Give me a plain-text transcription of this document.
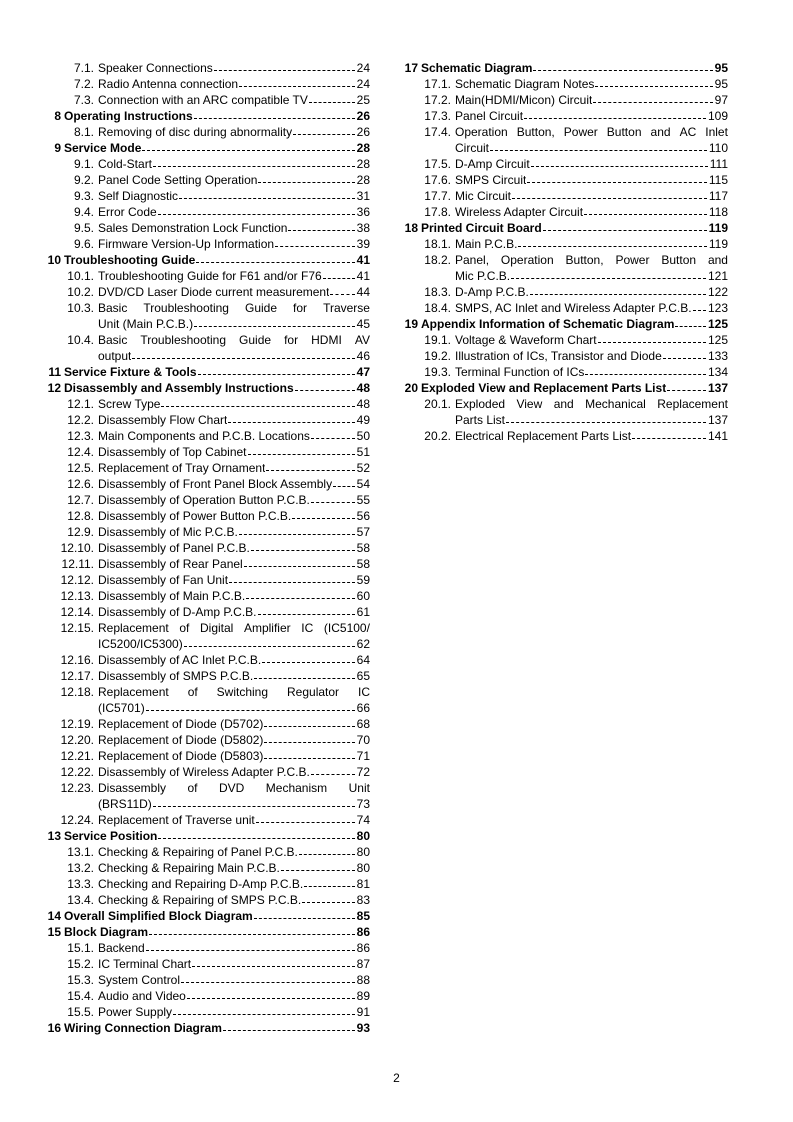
7.1. Speaker Connections	24
7.2. Radio Antenna connection	24
7.3. Connection with an ARC compatible TV	25
8 Operating Instructions	26
8.1. Removing of disc during abnormality	26
9 Service Mode	28
9.1. Cold-Start	28
9.2. Panel Code Setting Operation	28
9.3. Self Diagnostic	31
9.4. Error Code	36
9.5. Sales Demonstration Lock Function	38
9.6. Firmware Version-Up Information	39
10 Troubleshooting Guide	41
10.1. Troubleshooting Guide for F61 and/or F76	41
10.2. DVD/CD Laser Diode current measurement 44
10.3. Basic Troubleshooting Guide for Traverse
Unit (Main P.C.B.)	45
10.4. Basic Troubleshooting Guide for HDMI AV
output	46
11 Service Fixture & Tools	47
12 Disassembly and Assembly Instructions	48
12.1. Screw Type	48
12.2. Disassembly Flow Chart	49
12.3. Main Components and P.C.B. Locations	50
12.4. Disassembly of Top Cabinet	51
12.5. Replacement of Tray Ornament	52
12.6. Disassembly of Front Panel Block Assembly 54
12.7. Disassembly of Operation Button P.C.B.	55
12.8. Disassembly of Power Button P.C.B.	56
12.9. Disassembly of Mic P.C.B.	57
12.10. Disassembly of Panel P.C.B.	58
12.11. Disassembly of Rear Panel	58
12.12. Disassembly of Fan Unit	59
12.13. Disassembly of Main P.C.B.	60
12.14. Disassembly of D-Amp P.C.B.	61
12.15. Replacement of Digital Amplifier IC (IC5100/
IC5200/IC5300)	62
12.16. Disassembly of AC Inlet P.C.B.	64
12.17. Disassembly of SMPS P.C.B.	65
12.18. Replacement of Switching Regulator IC
(IC5701)	66
12.19. Replacement of Diode (D5702)	68
12.20. Replacement of Diode (D5802)	70
12.21. Replacement of Diode (D5803)	71
12.22. Disassembly of Wireless Adapter P.C.B.	72
12.23. Disassembly of DVD Mechanism Unit
(BRS11D)	73
12.24. Replacement of Traverse unit	74
13 Service Position	80
13.1. Checking & Repairing of Panel P.C.B.	80
13.2. Checking & Repairing Main P.C.B.	80
13.3. Checking and Repairing D-Amp P.C.B.	81
13.4. Checking & Repairing of SMPS P.C.B.	83
14 Overall Simplified Block Diagram	85
15 Block Diagram	86
15.1. Backend	86
15.2. IC Terminal Chart	87
15.3. System Control	88
15.4. Audio and Video	89
15.5. Power Supply	91
16 Wiring Connection Diagram	93
17 Schematic Diagram	95
17.1. Schematic Diagram Notes	95
17.2. Main(HDMI/Micon) Circuit	97
17.3. Panel Circuit	109
17.4. Operation Button, Power Button and AC Inlet
Circuit	110
17.5. D-Amp Circuit	111
17.6. SMPS Circuit	115
17.7. Mic Circuit	117
17.8. Wireless Adapter Circuit	118
18 Printed Circuit Board	119
18.1. Main P.C.B.	119
18.2. Panel, Operation Button, Power Button and
Mic P.C.B.	121
18.3. D-Amp P.C.B.	122
18.4. SMPS, AC Inlet and Wireless Adapter P.C.B. 123
19 Appendix Information of Schematic Diagram	125
19.1. Voltage & Waveform Chart	125
19.2. Illustration of ICs, Transistor and Diode	133
19.3. Terminal Function of ICs	134
20 Exploded View and Replacement Parts List	137
20.1. Exploded View and Mechanical Replacement
Parts List	137
20.2. Electrical Replacement Parts List	141
2
